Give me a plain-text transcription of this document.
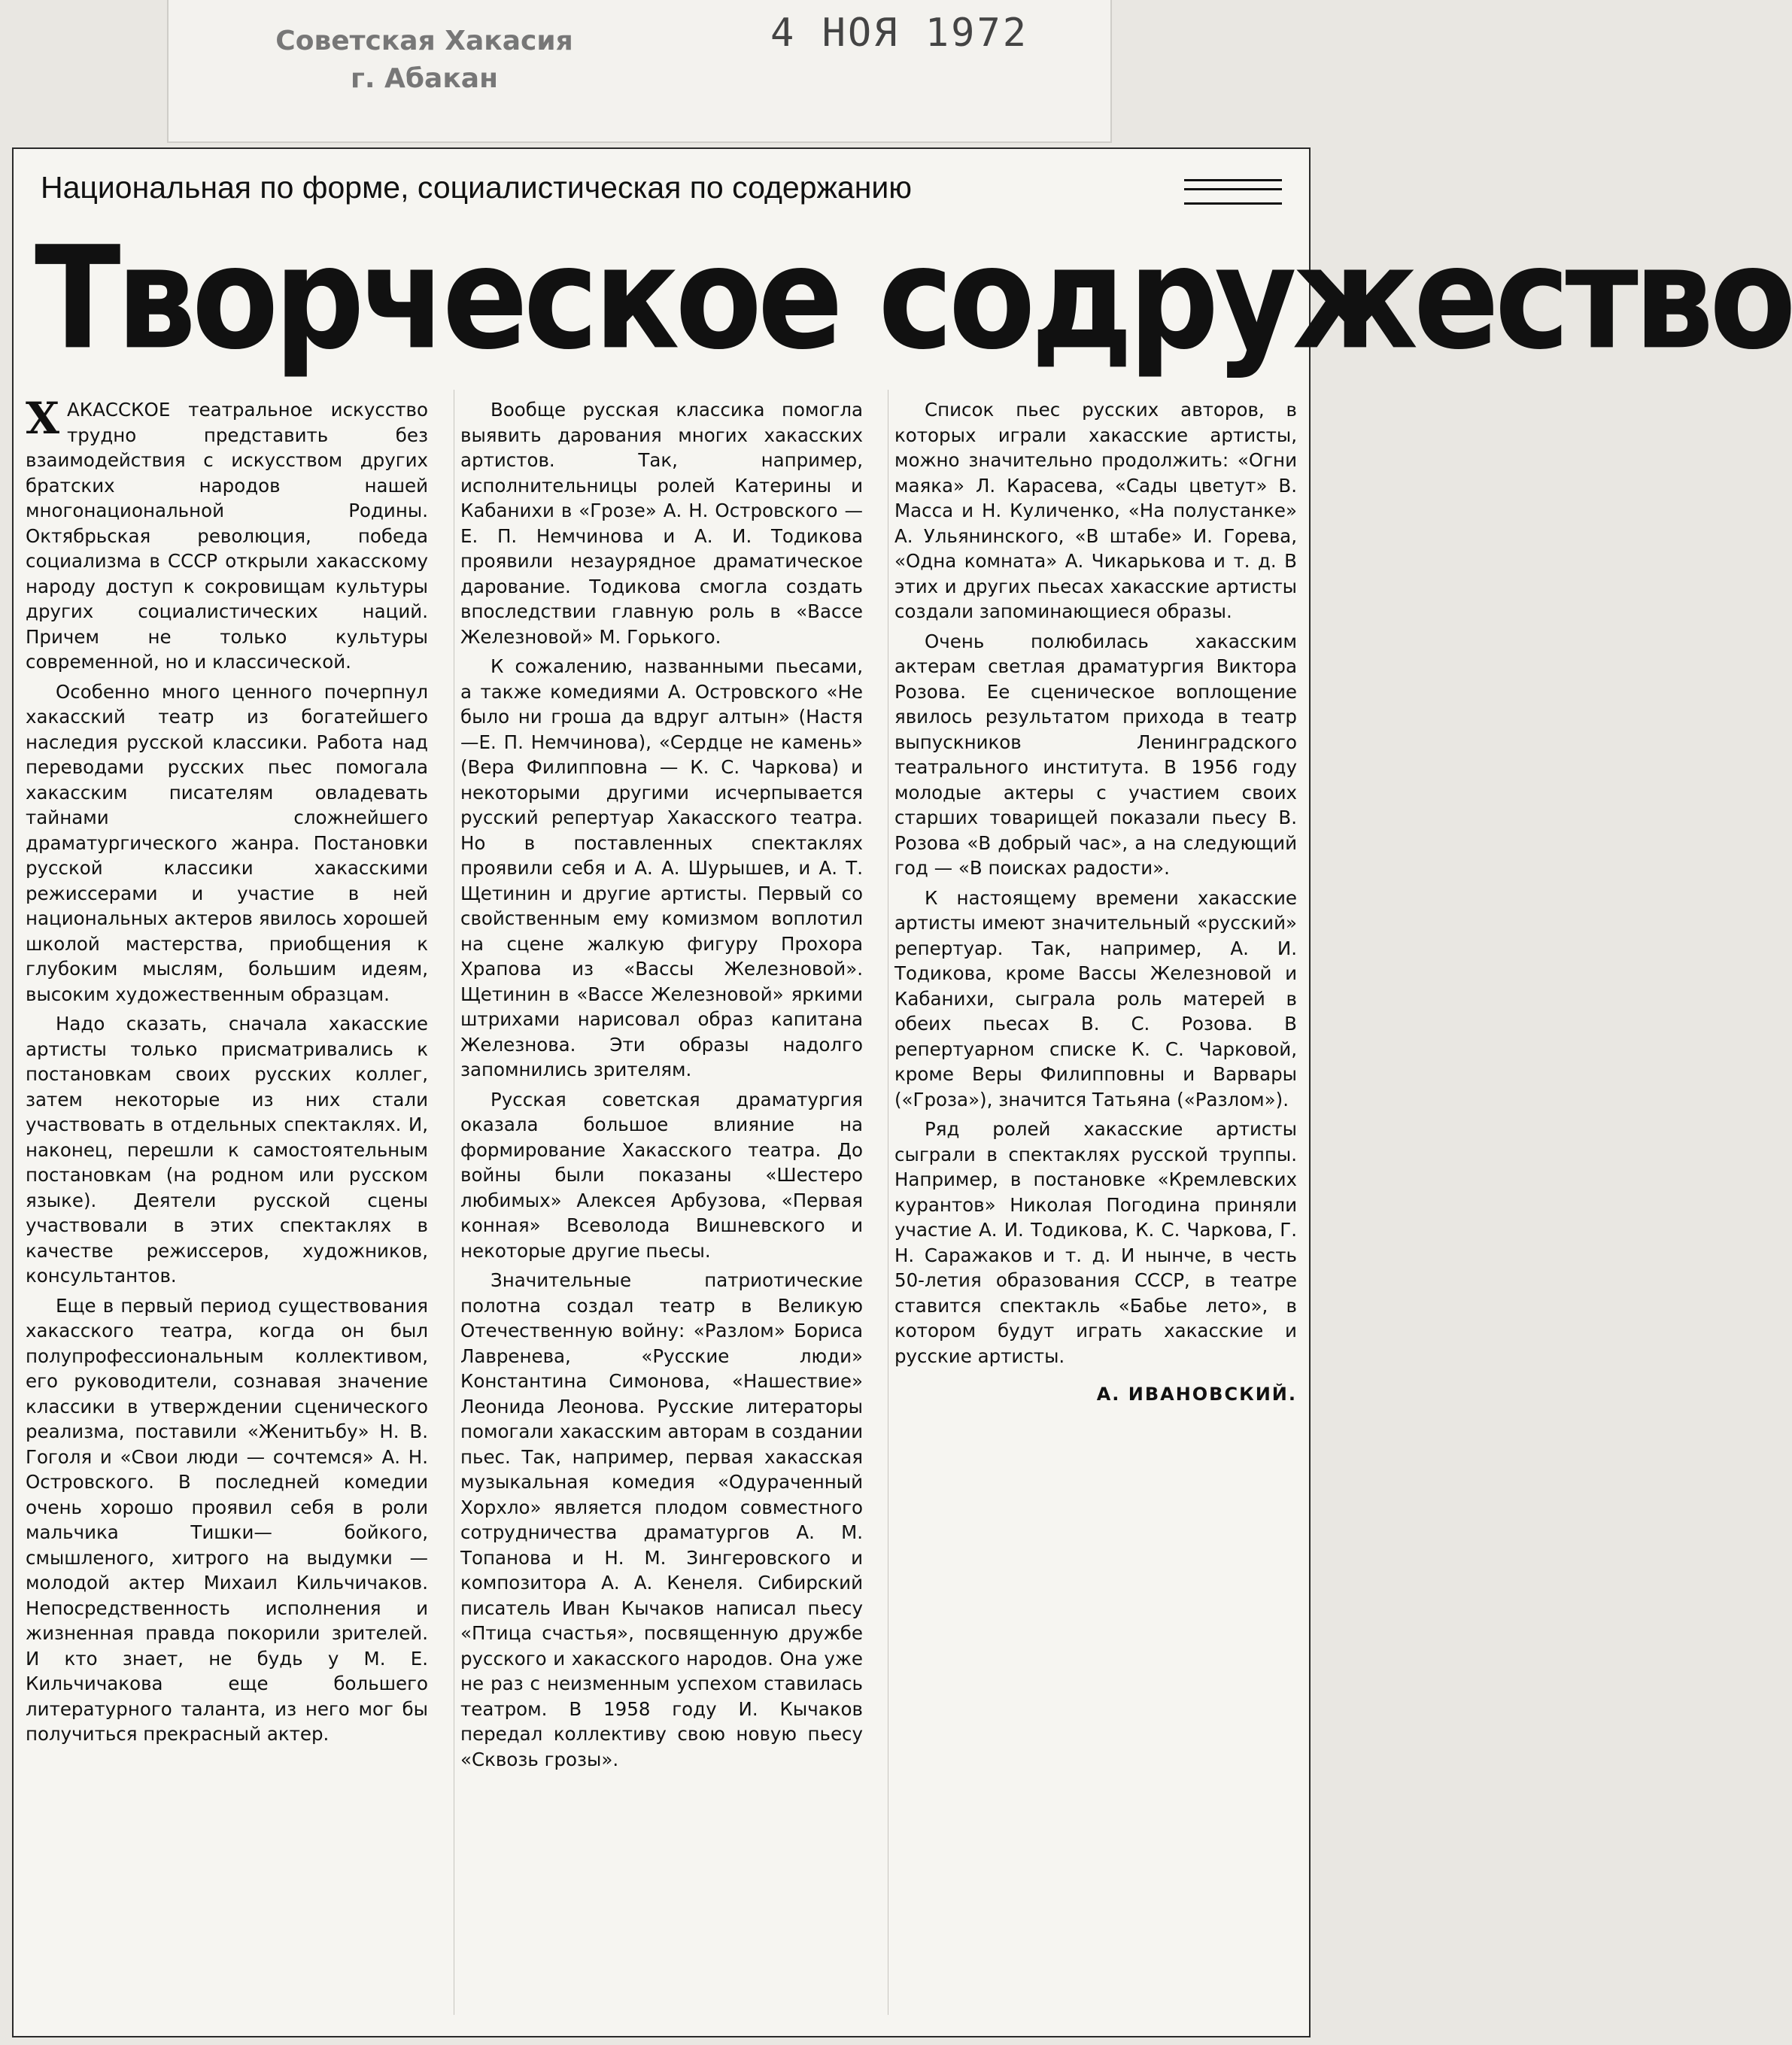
Советская Хакасия
г. Абакан
4 НОЯ 1972
Национальная по форме, социалистическая по содержанию
Творческое содружество

ХАКАССКОЕ театральное искусство трудно представить без взаимодействия с искусством других братских народов нашей многонациональной Родины. Октябрьская революция, победа социализма в СССР открыли хакасскому народу доступ к сокровищам культуры других социалистических наций. Причем не только культуры современной, но и классической.

Особенно много ценного почерпнул хакасский театр из богатейшего наследия русской классики. Работа над переводами русских пьес помогала хакасским писателям овладевать тайнами сложнейшего драматургического жанра. Постановки русской классики хакасскими режиссерами и участие в ней национальных актеров явилось хорошей школой мастерства, приобщения к глубоким мыслям, большим идеям, высоким художественным образцам.

Надо сказать, сначала хакасские артисты только присматривались к постановкам своих русских коллег, затем некоторые из них стали участвовать в отдельных спектаклях. И, наконец, перешли к самостоятельным постановкам (на родном или русском языке). Деятели русской сцены участвовали в этих спектаклях в качестве режиссеров, художников, консультантов.

Еще в первый период существования хакасского театра, когда он был полупрофессиональным коллективом, его руководители, сознавая значение классики в утверждении сценического реализма, поставили «Женитьбу» Н. В. Гоголя и «Свои люди — сочтемся» А. Н. Островского. В последней комедии очень хорошо проявил себя в роли мальчика Тишки— бойкого, смышленого, хитрого на выдумки — молодой актер Михаил Кильчичаков. Непосредственность исполнения и жизненная правда покорили зрителей. И кто знает, не будь у М. Е. Кильчичакова еще большего литературного таланта, из него мог бы получиться прекрасный актер.

Вообще русская классика помогла выявить дарования многих хакасских артистов. Так, например, исполнительницы ролей Катерины и Кабанихи в «Грозе» А. Н. Островского — Е. П. Немчинова и А. И. Тодикова проявили незаурядное драматическое дарование. Тодикова смогла создать впоследствии главную роль в «Вассе Железновой» М. Горького.

К сожалению, названными пьесами, а также комедиями А. Островского «Не было ни гроша да вдруг алтын» (Настя —Е. П. Немчинова), «Сердце не камень» (Вера Филипповна — К. С. Чаркова) и некоторыми другими исчерпывается русский репертуар Хакасского театра. Но в поставленных спектаклях проявили себя и А. А. Шурышев, и А. Т. Щетинин и другие артисты. Первый со свойственным ему комизмом воплотил на сцене жалкую фигуру Прохора Храпова из «Вассы Железновой». Щетинин в «Вассе Железновой» яркими штрихами нарисовал образ капитана Железнова. Эти образы надолго запомнились зрителям.

Русская советская драматургия оказала большое влияние на формирование Хакасского театра. До войны были показаны «Шестеро любимых» Алексея Арбузова, «Первая конная» Всеволода Вишневского и некоторые другие пьесы.

Значительные патриотические полотна создал театр в Великую Отечественную войну: «Разлом» Бориса Лавренева, «Русские люди» Константина Симонова, «Нашествие» Леонида Леонова. Русские литераторы помогали хакасским авторам в создании пьес. Так, например, первая хакасская музыкальная комедия «Одураченный Хорхло» является плодом совместного сотрудничества драматургов А. М. Топанова и Н. М. Зингеровского и композитора А. А. Кенеля. Сибирский писатель Иван Кычаков написал пьесу «Птица счастья», посвященную дружбе русского и хакасского народов. Она уже не раз с неизменным успехом ставилась театром. В 1958 году И. Кычаков передал коллективу свою новую пьесу «Сквозь грозы».

Список пьес русских авторов, в которых играли хакасские артисты, можно значительно продолжить: «Огни маяка» Л. Карасева, «Сады цветут» В. Масса и Н. Куличенко, «На полустанке» А. Ульянинского, «В штабе» И. Горева, «Одна комната» А. Чикарькова и т. д. В этих и других пьесах хакасские артисты создали запоминающиеся образы.

Очень полюбилась хакасским актерам светлая драматургия Виктора Розова. Ее сценическое воплощение явилось результатом прихода в театр выпускников Ленинградского театрального института. В 1956 году молодые актеры с участием своих старших товарищей показали пьесу В. Розова «В добрый час», а на следующий год — «В поисках радости».

К настоящему времени хакасские артисты имеют значительный «русский» репертуар. Так, например, А. И. Тодикова, кроме Вассы Железновой и Кабанихи, сыграла роль матерей в обеих пьесах В. С. Розова. В репертуарном списке К. С. Чарковой, кроме Веры Филипповны и Варвары («Гроза»), значится Татьяна («Разлом»).

Ряд ролей хакасские артисты сыграли в спектаклях русской труппы. Например, в постановке «Кремлевских курантов» Николая Погодина приняли участие А. И. Тодикова, К. С. Чаркова, Г. Н. Саражаков и т. д. И нынче, в честь 50-летия образования СССР, в театре ставится спектакль «Бабье лето», в котором будут играть хакасские и русские артисты.

А. ИВАНОВСКИЙ.
